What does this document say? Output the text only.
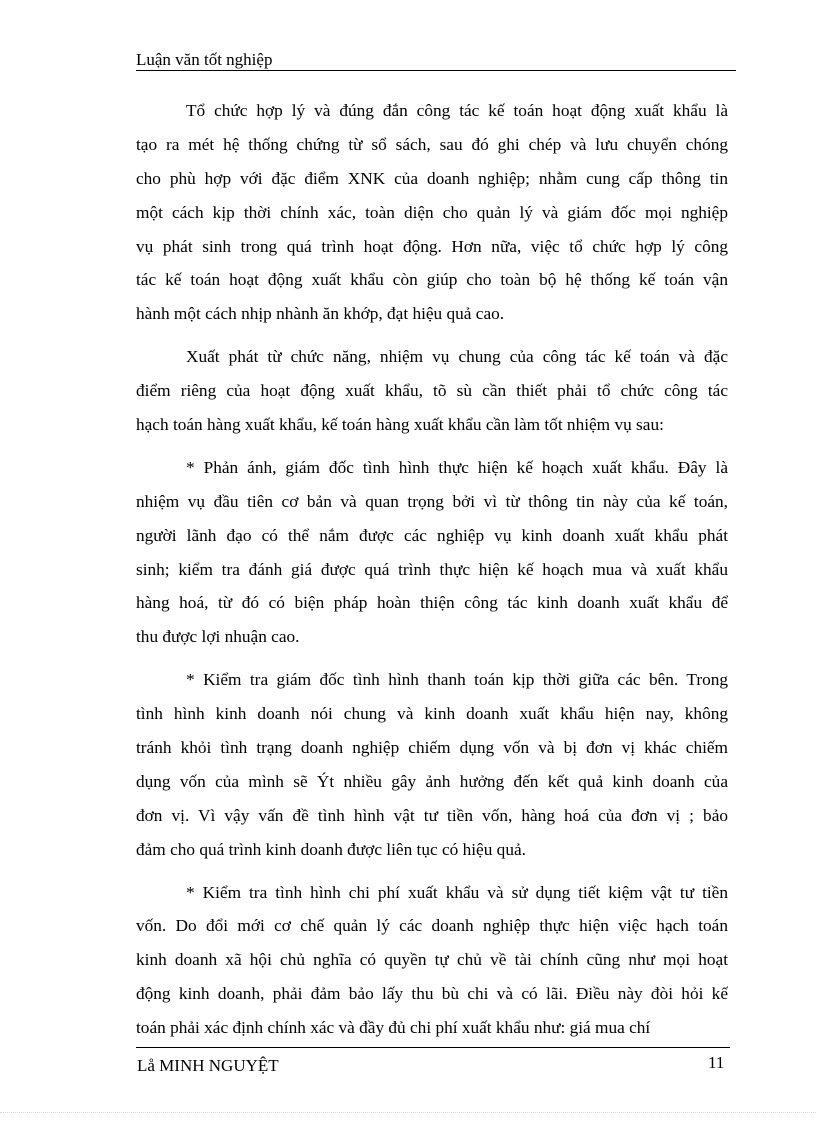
Luận văn tốt nghiệp

Tổ chức hợp lý và đúng đắn công tác kế toán hoạt động xuất khẩu là
tạo ra mét hệ thống chứng từ sổ sách, sau đó ghi chép và lưu chuyển chóng
cho phù hợp với đặc điểm XNK của doanh nghiệp; nhằm cung cấp thông tin
một cách kịp thời chính xác, toàn diện cho quản lý và giám đốc mọi nghiệp
vụ phát sinh trong quá trình hoạt động. Hơn nữa, việc tổ chức hợp lý công
tác kế toán hoạt động xuất khẩu còn giúp cho toàn bộ hệ thống kế toán vận
hành một cách nhịp nhành ăn khớp, đạt hiệu quả cao.

Xuất phát từ chức năng, nhiệm vụ chung của công tác kế toán và đặc
điểm riêng của hoạt động xuất khẩu, tõ sù cần thiết phải tổ chức công tác
hạch toán hàng xuất khẩu, kế toán hàng xuất khẩu cần làm tốt nhiệm vụ sau:

* Phản ánh, giám đốc tình hình thực hiện kế hoạch xuất khẩu. Đây là
nhiệm vụ đầu tiên cơ bản và quan trọng bởi vì từ thông tin này của kế toán,
người lãnh đạo có thể nắm được các nghiệp vụ kinh doanh xuất khẩu phát
sinh; kiểm tra đánh giá được quá trình thực hiện kế hoạch mua và xuất khẩu
hàng hoá, từ đó có biện pháp hoàn thiện công tác kinh doanh xuất khẩu để
thu được lợi nhuận cao.

* Kiểm tra giám đốc tình hình thanh toán kịp thời giữa các bên. Trong
tình hình kinh doanh nói chung và kinh doanh xuất khẩu hiện nay, không
tránh khỏi tình trạng doanh nghiệp chiếm dụng vốn và bị đơn vị khác chiếm
dụng vốn của mình sẽ Ýt nhiều gây ảnh hưởng đến kết quả kinh doanh của
đơn vị. Vì vậy vấn đề tình hình vật tư tiền vốn, hàng hoá của đơn vị ; bảo
đảm cho quá trình kinh doanh được liên tục có hiệu quả.

* Kiểm tra tình hình chi phí xuất khẩu và sử dụng tiết kiệm vật tư tiền
vốn. Do đổi mới cơ chế quản lý các doanh nghiệp thực hiện việc hạch toán
kinh doanh xã hội chủ nghĩa có quyền tự chủ về tài chính cũng như mọi hoạt
động kinh doanh, phải đảm bảo lấy thu bù chi và có lãi. Điều này đòi hỏi kế
toán phải xác định chính xác và đầy đủ chi phí xuất khẩu như: giá mua chí

Lå MINH NGUYỆT	11
